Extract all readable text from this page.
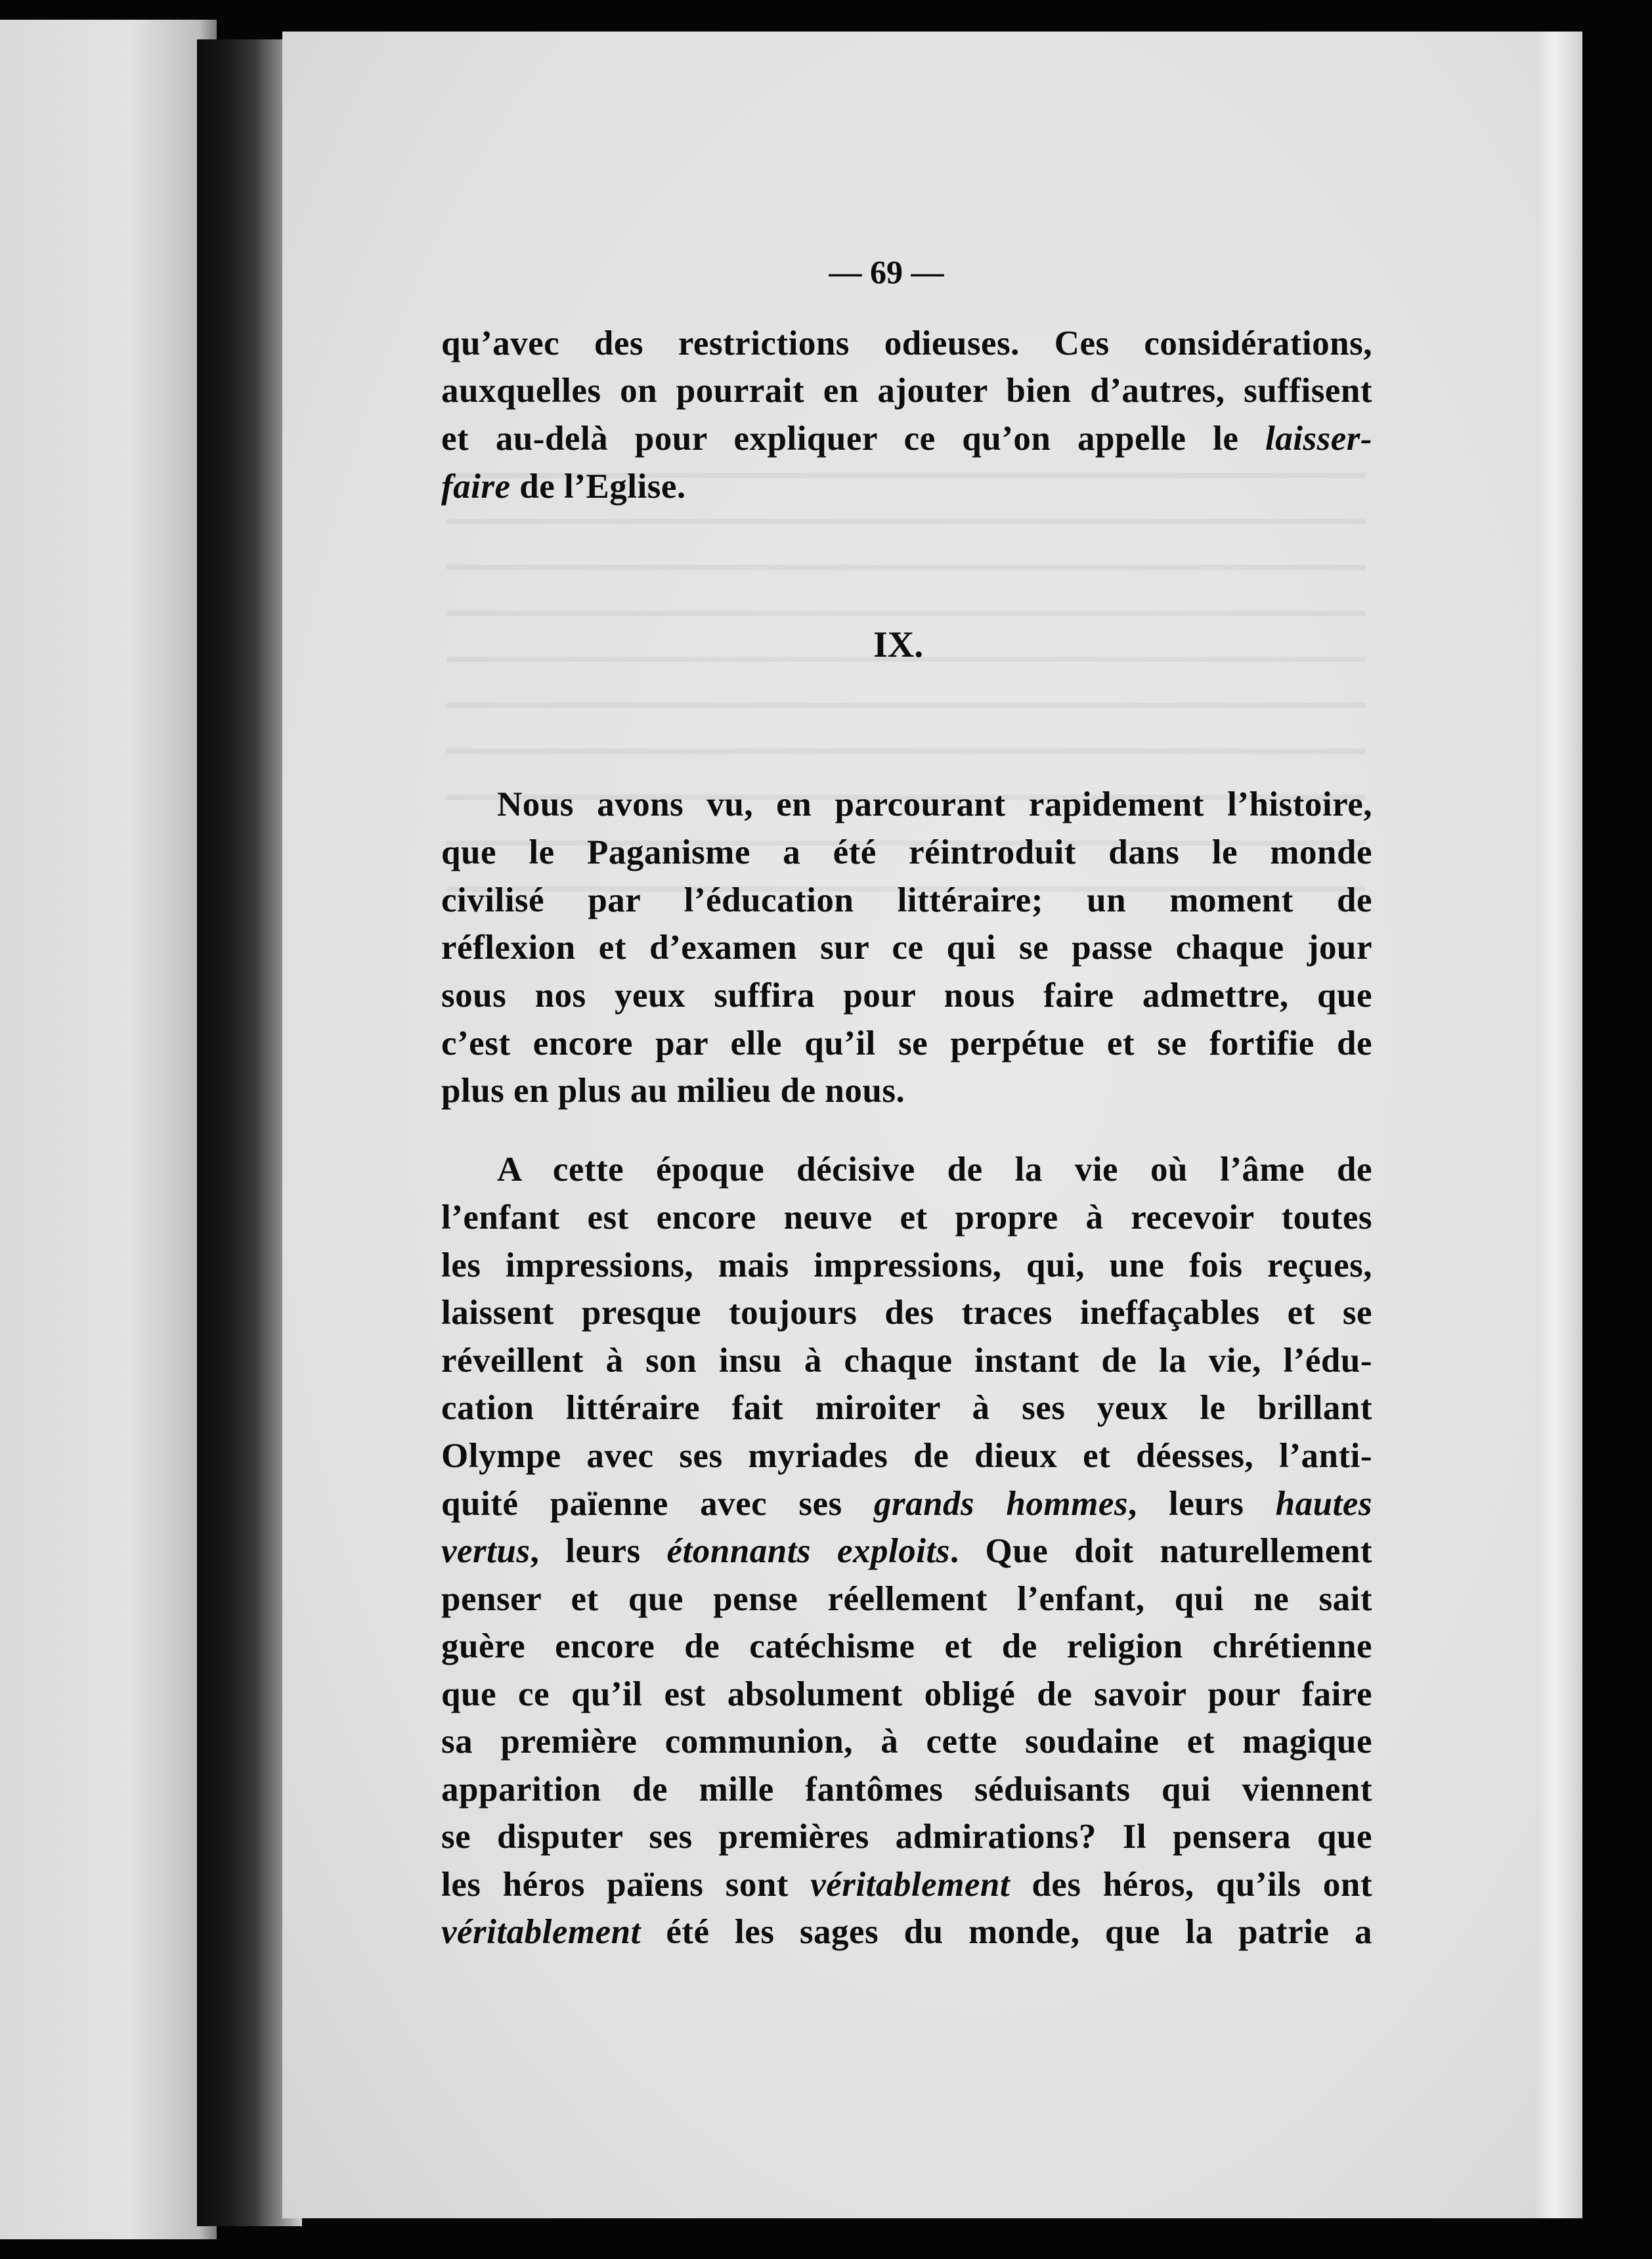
— 69 —
IX.
qu’avec des restrictions odieuses. Ces considérations,
auxquelles on pourrait en ajouter bien d’autres, suffisent
et au-delà pour expliquer ce qu’on appelle le laisser-
faire de l’Eglise.
Nous avons vu, en parcourant rapidement l’histoire,
que le Paganisme a été réintroduit dans le monde
civilisé par l’éducation littéraire; un moment de
réflexion et d’examen sur ce qui se passe chaque jour
sous nos yeux suffira pour nous faire admettre, que
c’est encore par elle qu’il se perpétue et se fortifie de
plus en plus au milieu de nous.
A cette époque décisive de la vie où l’âme de
l’enfant est encore neuve et propre à recevoir toutes
les impressions, mais impressions, qui, une fois reçues,
laissent presque toujours des traces ineffaçables et se
réveillent à son insu à chaque instant de la vie, l’édu-
cation littéraire fait miroiter à ses yeux le brillant
Olympe avec ses myriades de dieux et déesses, l’anti-
quité païenne avec ses grands hommes, leurs hautes
vertus, leurs étonnants exploits. Que doit naturellement
penser et que pense réellement l’enfant, qui ne sait
guère encore de catéchisme et de religion chrétienne
que ce qu’il est absolument obligé de savoir pour faire
sa première communion, à cette soudaine et magique
apparition de mille fantômes séduisants qui viennent
se disputer ses premières admirations? Il pensera que
les héros païens sont véritablement des héros, qu’ils ont
véritablement été les sages du monde, que la patrie a
